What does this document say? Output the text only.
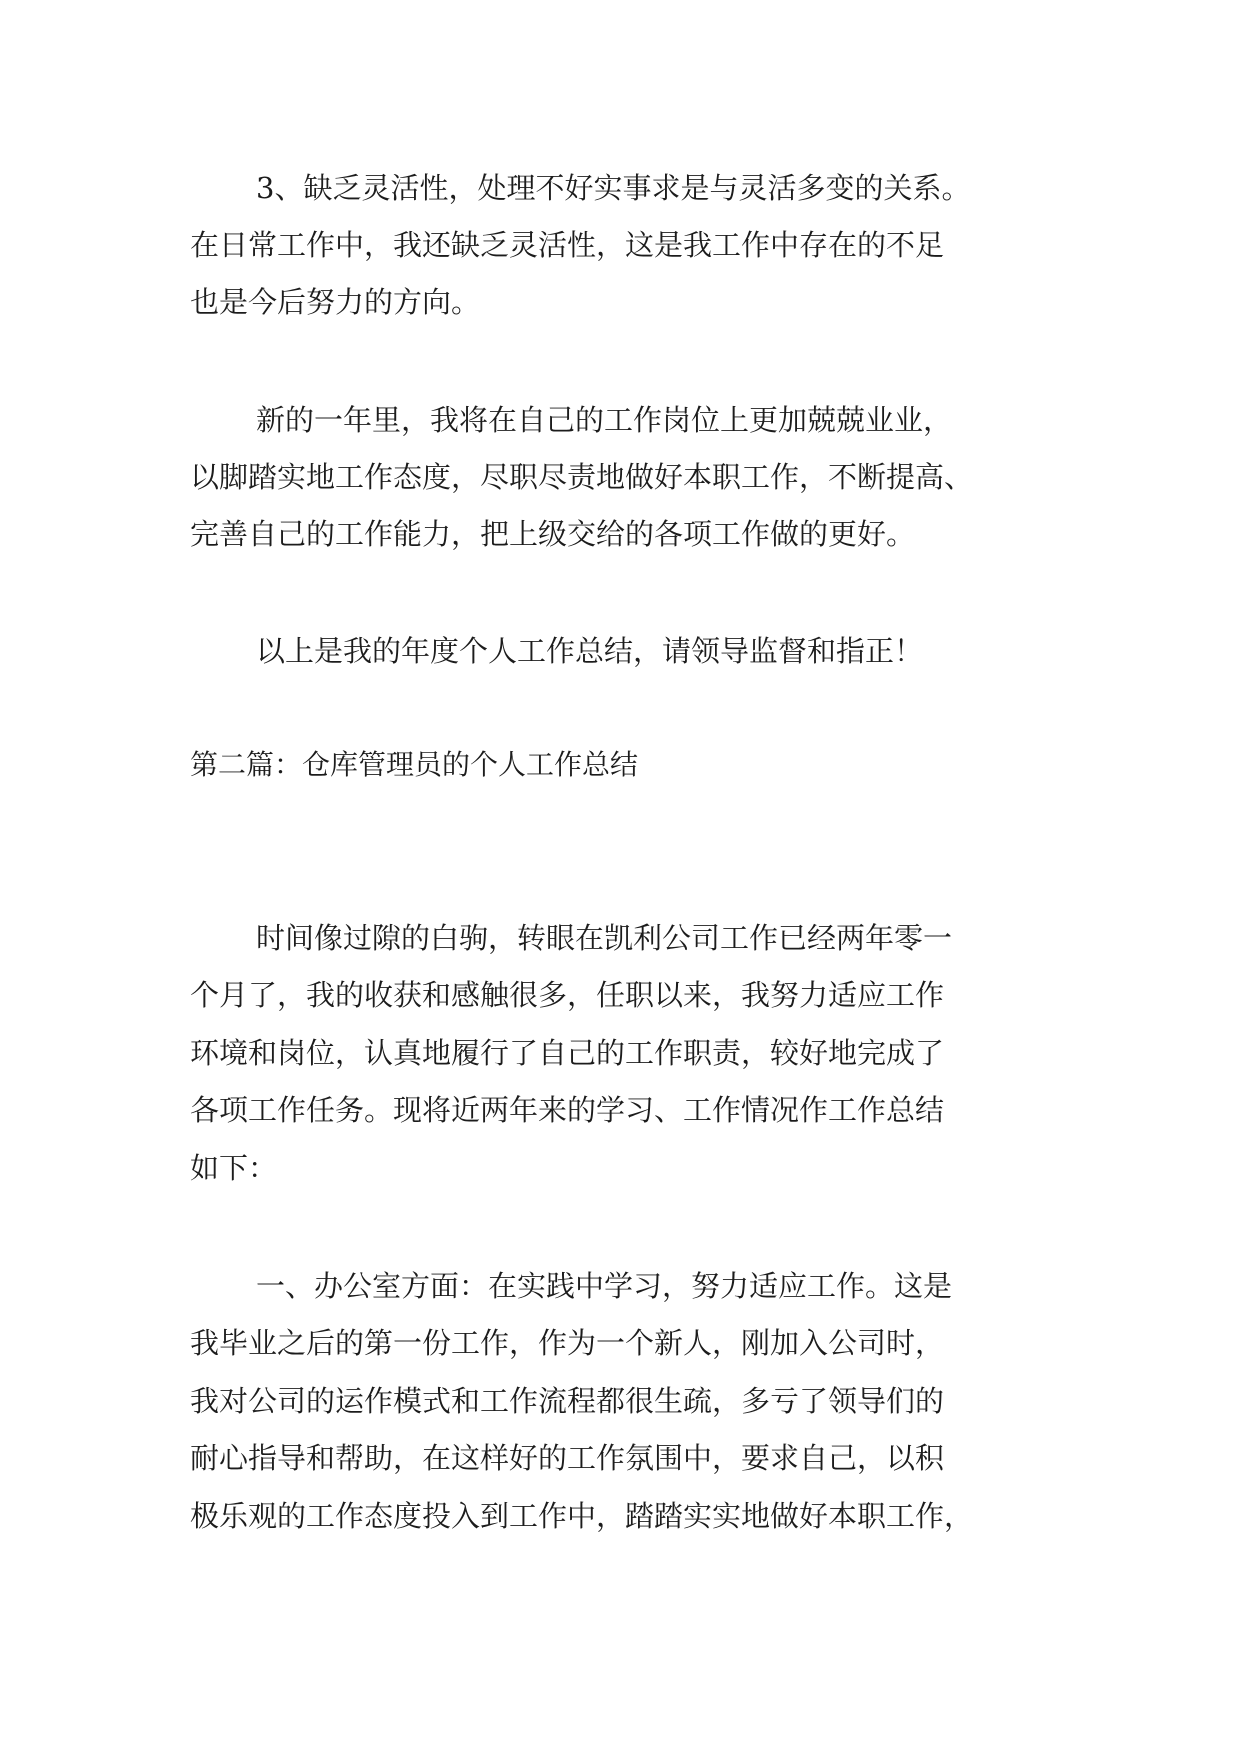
3、缺乏灵活性，处理不好实事求是与灵活多变的关系。
在日常工作中，我还缺乏灵活性，这是我工作中存在的不足
也是今后努力的方向。
新的一年里，我将在自己的工作岗位上更加兢兢业业，
以脚踏实地工作态度，尽职尽责地做好本职工作，不断提高、
完善自己的工作能力，把上级交给的各项工作做的更好。
以上是我的年度个人工作总结，请领导监督和指正！
第二篇：仓库管理员的个人工作总结
时间像过隙的白驹，转眼在凯利公司工作已经两年零一
个月了，我的收获和感触很多，任职以来，我努力适应工作
环境和岗位，认真地履行了自己的工作职责，较好地完成了
各项工作任务。现将近两年来的学习、工作情况作工作总结
如下：
一、办公室方面：在实践中学习，努力适应工作。这是
我毕业之后的第一份工作，作为一个新人，刚加入公司时，
我对公司的运作模式和工作流程都很生疏，多亏了领导们的
耐心指导和帮助，在这样好的工作氛围中，要求自己，以积
极乐观的工作态度投入到工作中，踏踏实实地做好本职工作，
